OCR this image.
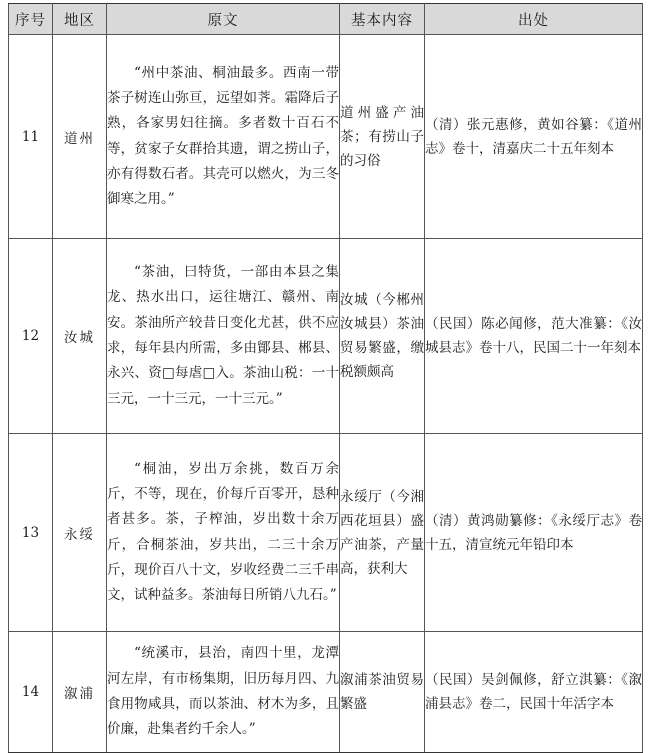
序号	地区	原文	基本内容	出处
11	道州	“州中茶油、桐油最多。西南一带茶子树连山弥亘，远望如荠。霜降后子熟，各家男妇往摘。多者数十百石不等，贫家子女群拾其遗，谓之捞山子，亦有得数石者。其壳可以燃火，为三冬御寒之用。”	道州盛产油茶；有捞山子的习俗	（清）张元惠修，黄如谷纂：《道州志》卷十，清嘉庆二十五年刻本
12	汝城	“茶油，曰特货，一部由本县之集龙、热水出口，运往塘江、赣州、南安。茶油所产较昔日变化尤甚，供不应求，每年县内所需，多由鄮县、郴县、永兴、资□每虐□入。茶油山税：一十三元，一十三元，一十三元。”	汝城（今郴州汝城县）茶油贸易繁盛，缴税额颇高	（民国）陈必闻修，范大准纂：《汝城县志》卷十八，民国二十一年刻本
13	永绥	“桐油，岁出万余挑，数百万余斤，不等，现在，价每斤百零开，恳种者甚多。茶，子榨油，岁出数十余万斤，合桐茶油，岁共出，二三十余万斤，现价百八十文，岁收经费二三千串文，试种益多。茶油每日所销八九石。”	永绥厅（今湘西花垣县）盛产油茶，产量高，获利大	（清）黄鸿勋纂修：《永绥厅志》卷十五，清宣统元年铅印本
14	溆浦	“统溪市，县治，南四十里，龙潭河左岸，有市杨集期，旧历每月四、九食用物咸具，而以茶油、材木为多，且价廉，赴集者约千余人。”	溆浦茶油贸易繁盛	（民国）吴剑佩修，舒立淇纂：《溆浦县志》卷二，民国十年活字本
